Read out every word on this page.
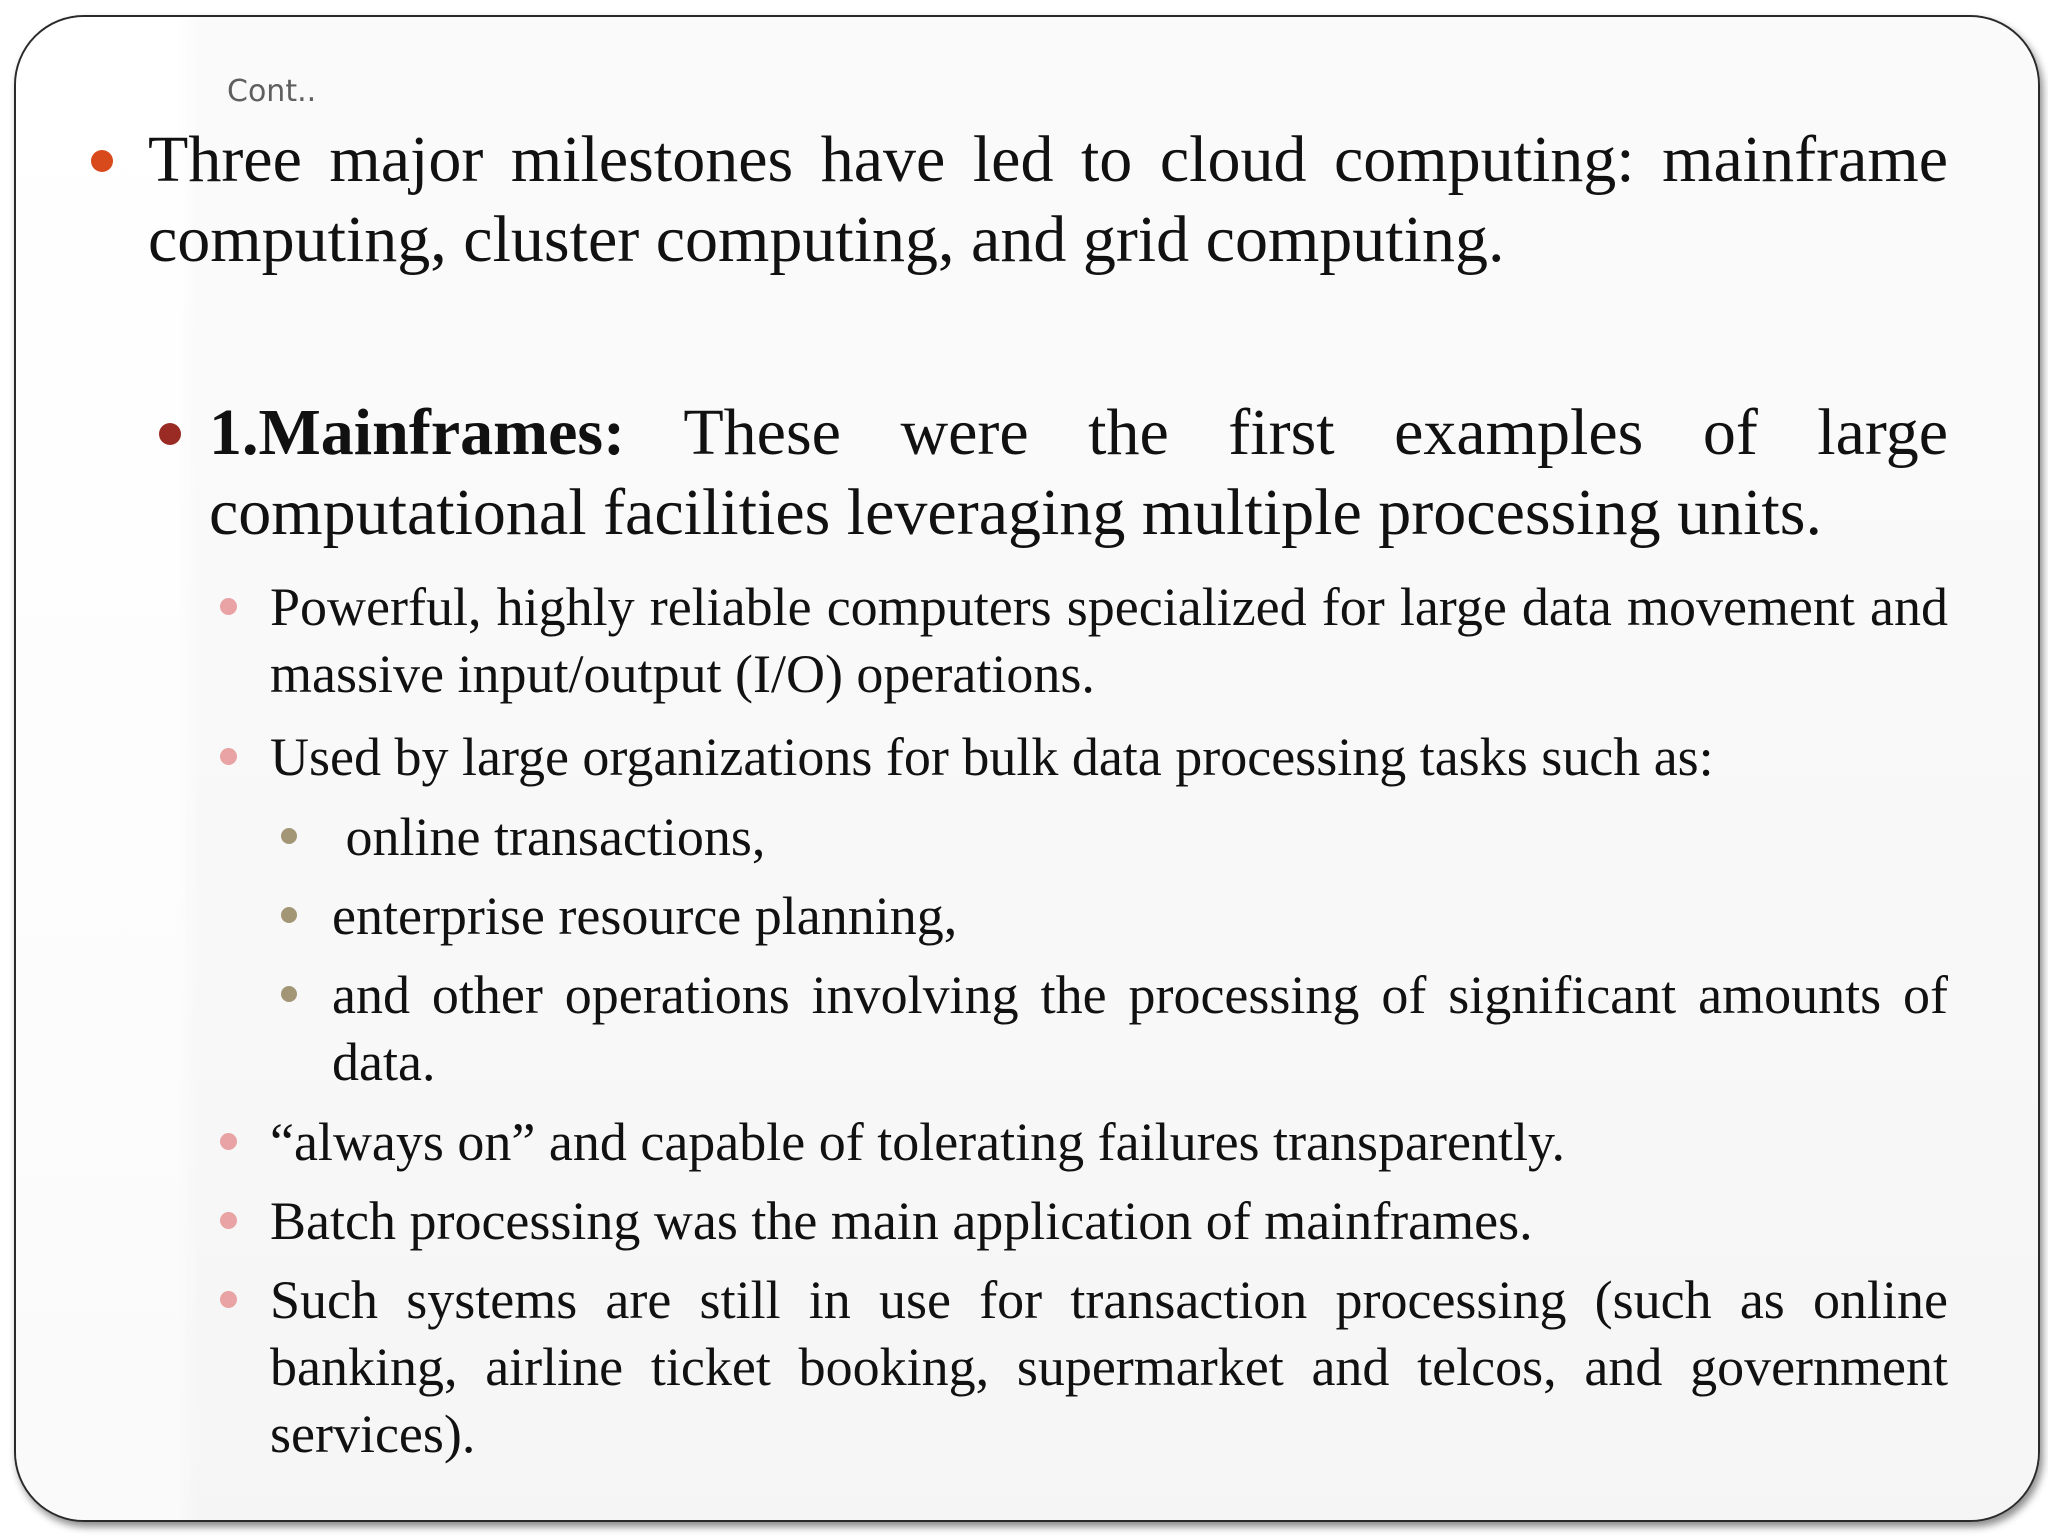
Cont..
Three major milestones have led to cloud computing: mainframe computing, cluster computing, and grid computing.
1.Mainframes: These were the first examples of large computational facilities leveraging multiple processing units.
Powerful, highly reliable computers specialized for large data movement and massive input/output (I/O) operations.
Used by large organizations for bulk data processing tasks such as:
online transactions,
enterprise resource planning,
and other operations involving the processing of significant amounts of data.
“always on” and capable of tolerating failures transparently.
Batch processing was the main application of mainframes.
Such systems are still in use for transaction processing (such as online banking, airline ticket booking, supermarket and telcos, and government services).
